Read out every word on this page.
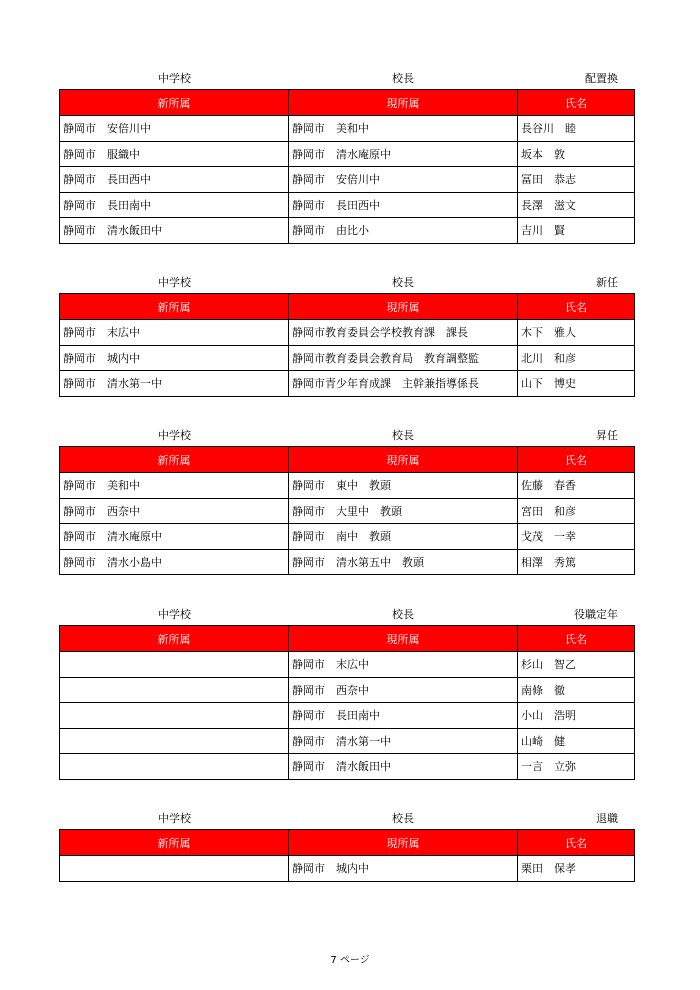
中学校	校長	配置換
新所属	現所属	氏名
静岡市　安倍川中	静岡市　美和中	長谷川　睦
静岡市　服織中	静岡市　清水庵原中	坂本　敦
静岡市　長田西中	静岡市　安倍川中	冨田　恭志
静岡市　長田南中	静岡市　長田西中	長澤　滋文
静岡市　清水飯田中	静岡市　由比小	吉川　賢
中学校	校長	新任
新所属	現所属	氏名
静岡市　末広中	静岡市教育委員会学校教育課　課長	木下　雅人
静岡市　城内中	静岡市教育委員会教育局　教育調整監	北川　和彦
静岡市　清水第一中	静岡市青少年育成課　主幹兼指導係長	山下　博史
中学校	校長	昇任
新所属	現所属	氏名
静岡市　美和中	静岡市　東中　教頭	佐藤　春香
静岡市　西奈中	静岡市　大里中　教頭	宮田　和彦
静岡市　清水庵原中	静岡市　南中　教頭	戈茂　一幸
静岡市　清水小島中	静岡市　清水第五中　教頭	相澤　秀篤
中学校	校長	役職定年
新所属	現所属	氏名
	静岡市　末広中	杉山　智乙
	静岡市　西奈中	南條　徹
	静岡市　長田南中	小山　浩明
	静岡市　清水第一中	山崎　健
	静岡市　清水飯田中	一言　立弥
中学校	校長	退職
新所属	現所属	氏名
	静岡市　城内中	栗田　保孝
7 ページ
